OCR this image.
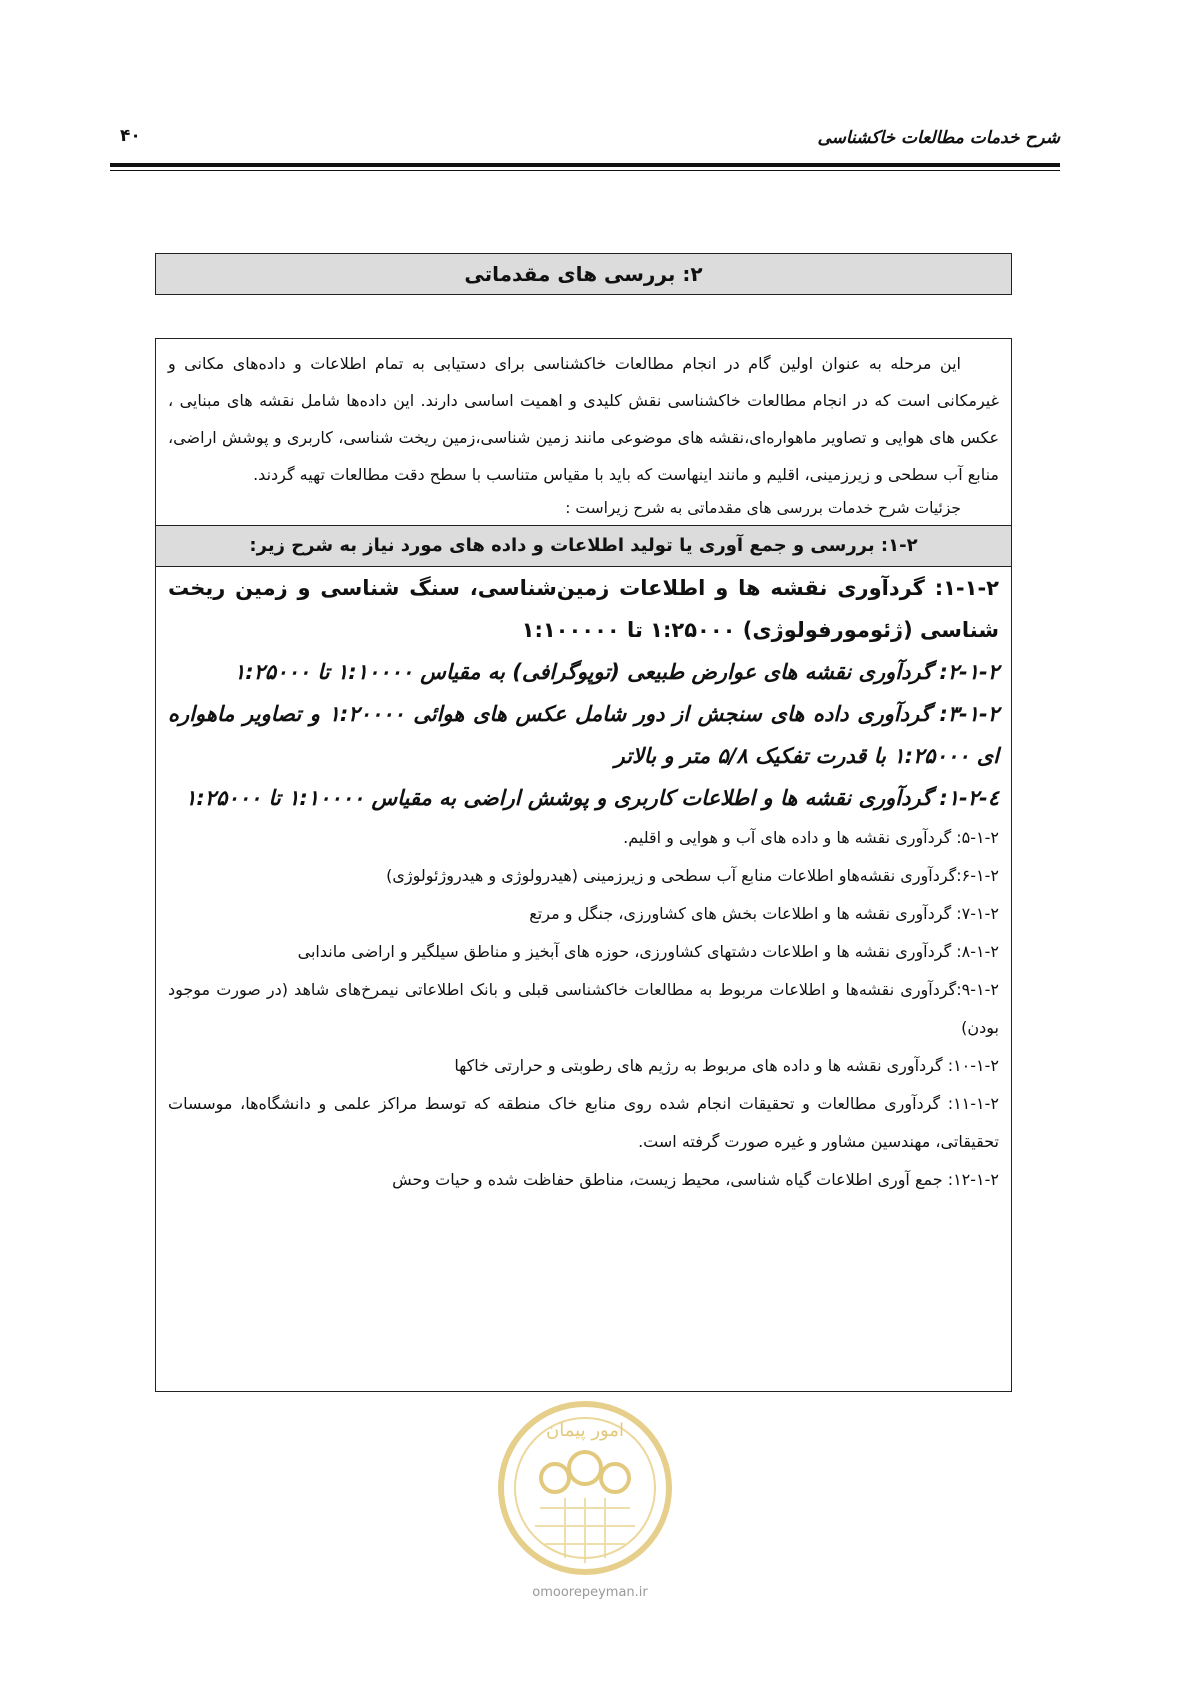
شرح خدمات مطالعات خاکشناسی
۴۰
۲: بررسی های مقدماتی
این مرحله به عنوان اولین گام در انجام مطالعات خاکشناسی برای دستیابی به تمام اطلاعات و داده‌های مکانی و غیرمکانی است که در انجام مطالعات خاکشناسی نقش کلیدی و اهمیت اساسی دارند. این داده‌ها شامل نقشه های مبنایی ، عکس های هوایی و تصاویر ماهواره‌ای،نقشه های موضوعی مانند زمین شناسی،زمین ریخت شناسی، کاربری و پوشش اراضی، منابع آب سطحی و زیرزمینی، اقلیم و مانند اینهاست که باید با مقیاس متناسب با سطح دقت مطالعات تهیه گردند.
جزئیات شرح خدمات بررسی های مقدماتی به شرح زیراست :
۱-۲: بررسی و جمع آوری یا تولید اطلاعات و داده های مورد نیاز به شرح زیر:
۱-۱-۲: گردآوری نقشه ها و اطلاعات زمین‌شناسی، سنگ شناسی و زمین ریخت شناسی (ژئومورفولوژی) ۱:۲۵۰۰۰ تا ۱:۱۰۰۰۰۰
۲-۱-۲: گردآوری نقشه های عوارض طبیعی (توپوگرافی) به مقیاس ۱:۱۰۰۰۰ تا ۱:۲۵۰۰۰
۳-۱-۲: گردآوری داده های سنجش از دور شامل عکس های هوائی ۱:۲۰۰۰۰ و تصاویر ماهواره ای ۱:۲۵۰۰۰ با قدرت تفکیک ۵/۸ متر و بالاتر
٤-۱-۲: گردآوری نقشه ها و اطلاعات کاربری و پوشش اراضی به مقیاس ۱:۱۰۰۰۰ تا ۱:۲۵۰۰۰
۵-۱-۲: گردآوری نقشه ها و داده های آب و هوایی و اقلیم.
۶-۱-۲:گردآوری نقشه‌هاو اطلاعات منابع آب سطحی و زیرزمینی (هیدرولوژی و هیدروژئولوژی)
۷-۱-۲: گردآوری نقشه ها و اطلاعات بخش های کشاورزی، جنگل و مرتع
۸-۱-۲: گردآوری نقشه ها و اطلاعات دشتهای کشاورزی، حوزه های آبخیز و مناطق سیلگیر و اراضی ماندابی
۹-۱-۲:گردآوری نقشه‌ها و اطلاعات مربوط به مطالعات خاکشناسی قبلی و بانک اطلاعاتی نیمرخ‌های شاهد (در صورت موجود بودن)
۱۰-۱-۲: گردآوری نقشه ها و داده های مربوط به رژیم های رطوبتی و حرارتی خاکها
۱۱-۱-۲: گردآوری مطالعات و تحقیقات انجام شده روی منابع خاک منطقه که توسط مراکز علمی و دانشگاه‌ها، موسسات تحقیقاتی، مهندسین مشاور و غیره صورت گرفته است.
۱۲-۱-۲: جمع آوری اطلاعات گیاه شناسی، محیط زیست، مناطق حفاظت شده و حیات وحش
امور پیمان
omoorepeyman.ir
